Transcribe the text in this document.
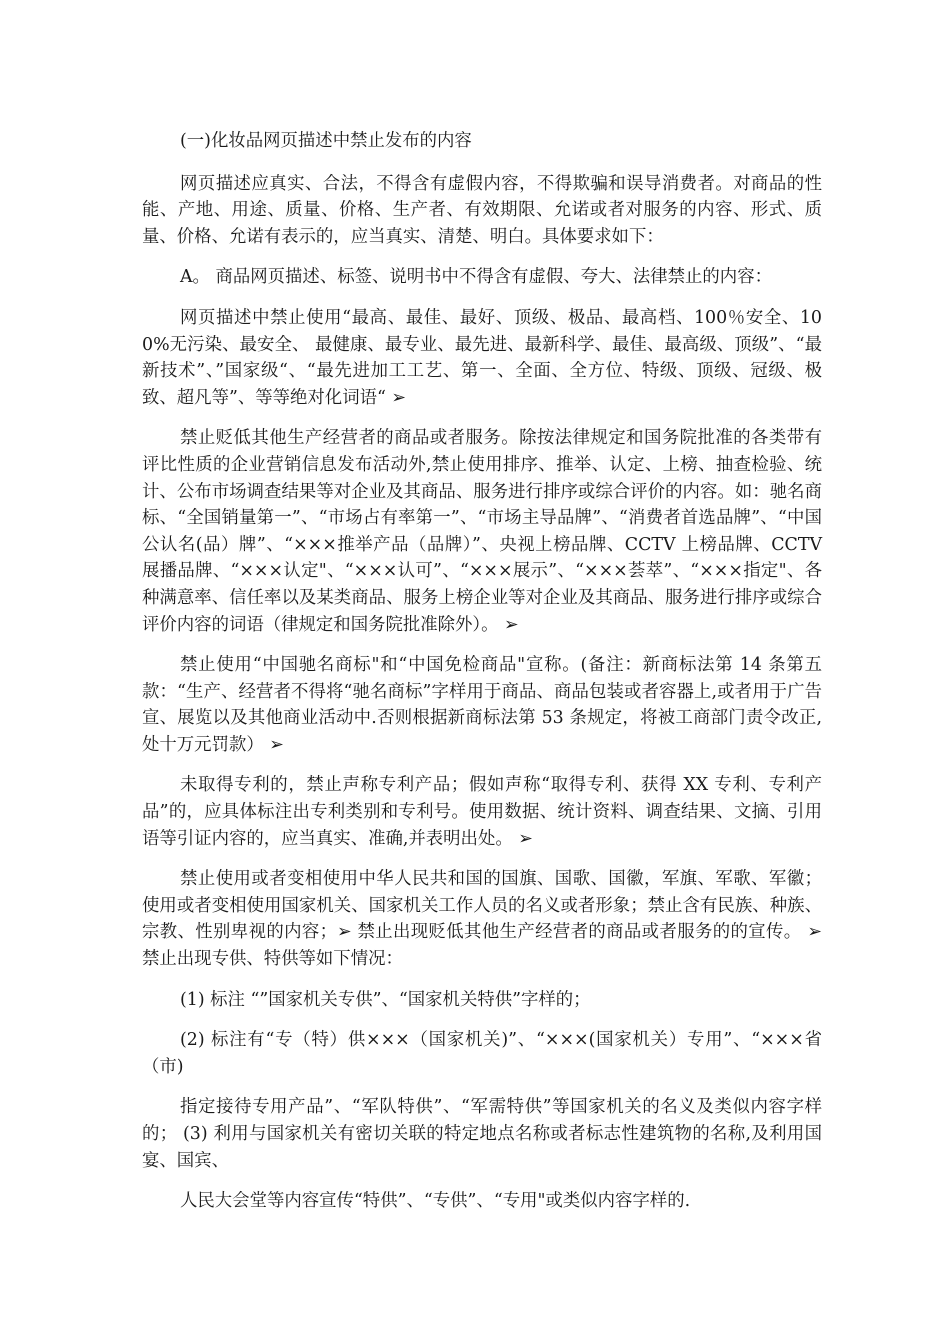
(一)化妆品网页描述中禁止发布的内容

网页描述应真实、合法，不得含有虚假内容，不得欺骗和误导消费者。对商品的性能、产地、用途、质量、价格、生产者、有效期限、允诺或者对服务的内容、形式、质量、价格、允诺有表示的，应当真实、清楚、明白。具体要求如下：

A。 商品网页描述、标签、说明书中不得含有虚假、夸大、法律禁止的内容：

网页描述中禁止使用“最高、最佳、最好、顶级、极品、最高档、100％安全、100%无污染、最安全、 最健康、最专业、最先进、最新科学、最佳、最高级、顶级”、“最新技术”、”国家级“、“最先进加工工艺、第一、全面、全方位、特级、顶级、冠级、极致、超凡等”、等等绝对化词语“ ➢

禁止贬低其他生产经营者的商品或者服务。除按法律规定和国务院批准的各类带有评比性质的企业营销信息发布活动外,禁止使用排序、推举、认定、上榜、抽查检验、统计、公布市场调查结果等对企业及其商品、服务进行排序或综合评价的内容。如：驰名商标、“全国销量第一”、“市场占有率第一”、“市场主导品牌”、“消费者首选品牌”、“中国公认名(品）牌”、“×××推举产品（品牌）”、央视上榜品牌、CCTV 上榜品牌、CCTV 展播品牌、“×××认定"、“×××认可”、“×××展示”、“×××荟萃”、“×××指定"、各种满意率、信任率以及某类商品、服务上榜企业等对企业及其商品、服务进行排序或综合评价内容的词语（律规定和国务院批准除外）。 ➢

禁止使用“中国驰名商标"和“中国免检商品"宣称。(备注：新商标法第 14 条第五款：“生产、经营者不得将“驰名商标”字样用于商品、商品包装或者容器上,或者用于广告宣、展览以及其他商业活动中.否则根据新商标法第 53 条规定，将被工商部门责令改正,处十万元罚款） ➢

未取得专利的，禁止声称专利产品；假如声称“取得专利、获得 XX 专利、专利产品”的，应具体标注出专利类别和专利号。使用数据、统计资料、调查结果、文摘、引用语等引证内容的，应当真实、准确,并表明出处。 ➢

禁止使用或者变相使用中华人民共和国的国旗、国歌、国徽，军旗、军歌、军徽；使用或者变相使用国家机关、国家机关工作人员的名义或者形象；禁止含有民族、种族、宗教、性别卑视的内容；➢ 禁止出现贬低其他生产经营者的商品或者服务的的宣传。 ➢ 禁止出现专供、特供等如下情况：

(1) 标注 “”国家机关专供”、“国家机关特供”字样的；

(2) 标注有“专（特）供×××（国家机关)”、“×××(国家机关）专用”、“×××省（市)

指定接待专用产品”、“军队特供”、“军需特供”等国家机关的名义及类似内容字样的； (3) 利用与国家机关有密切关联的特定地点名称或者标志性建筑物的名称,及利用国宴、国宾、

人民大会堂等内容宣传“特供”、“专供”、“专用"或类似内容字样的.
